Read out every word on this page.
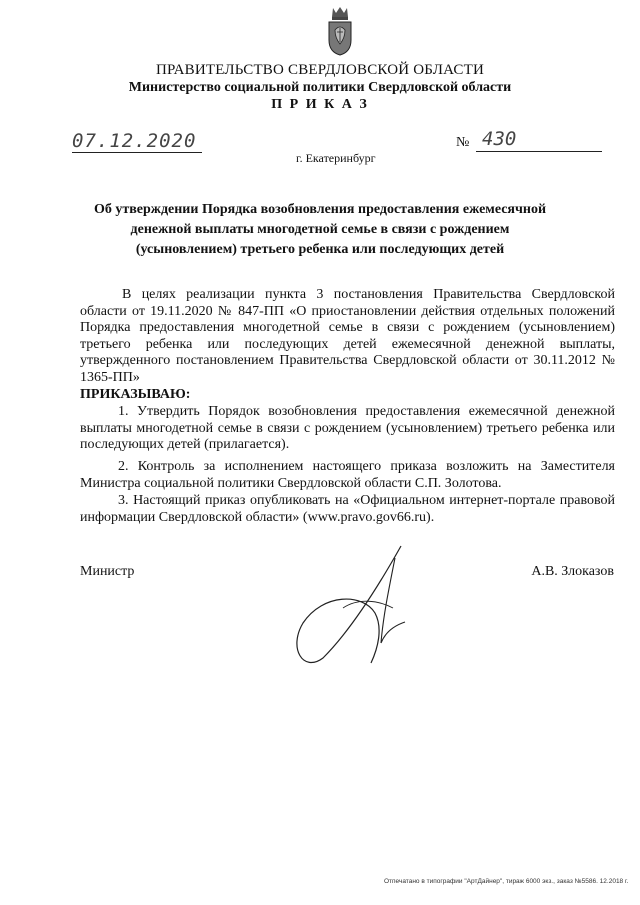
ПРАВИТЕЛЬСТВО СВЕРДЛОВСКОЙ ОБЛАСТИ
Министерство социальной политики Свердловской области
П Р И К А З
07.12.2020	№ 430
г. Екатеринбург
Об утверждении Порядка возобновления предоставления ежемесячной денежной выплаты многодетной семье в связи с рождением (усыновлением) третьего ребенка или последующих детей
В целях реализации пункта 3 постановления Правительства Свердловской области от 19.11.2020 № 847-ПП «О приостановлении действия отдельных положений Порядка предоставления многодетной семье в связи с рождением (усыновлением) третьего ребенка или последующих детей ежемесячной денежной выплаты, утвержденного постановлением Правительства Свердловской области от 30.11.2012 № 1365-ПП»
ПРИКАЗЫВАЮ:
1. Утвердить Порядок возобновления предоставления ежемесячной денежной выплаты многодетной семье в связи с рождением (усыновлением) третьего ребенка или последующих детей (прилагается).
2. Контроль за исполнением настоящего приказа возложить на Заместителя Министра социальной политики Свердловской области С.П. Золотова.
3. Настоящий приказ опубликовать на «Официальном интернет-портале правовой информации Свердловской области» (www.pravo.gov66.ru).
Министр	А.В. Злоказов
Отпечатано в типографии "АртДайнер", тираж 6000 экз., заказ №5586. 12.2018 г.
